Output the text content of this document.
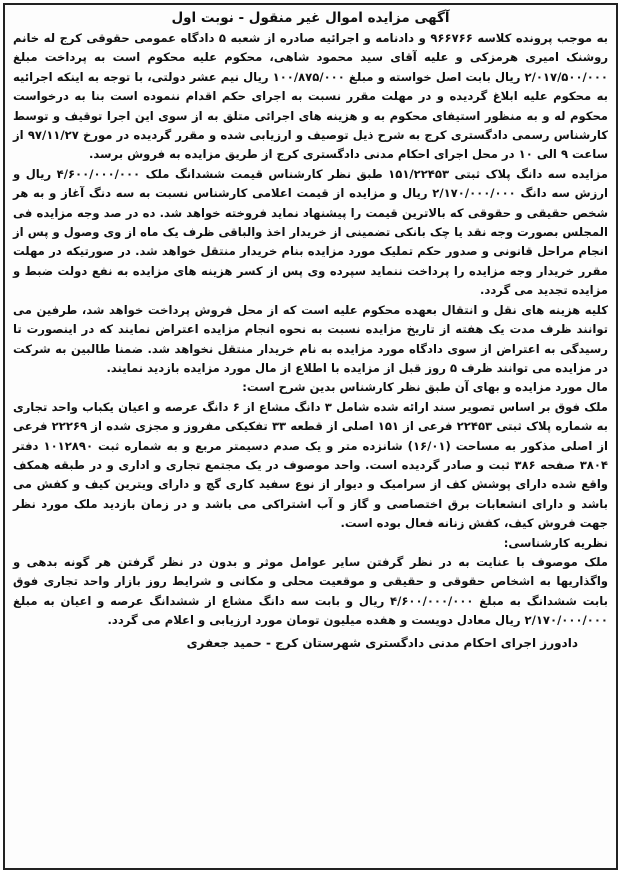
آگهی مزایده اموال غیر منقول - نوبت اول

به موجب پرونده کلاسه ۹۶۶۷۶۶ و دادنامه و اجرائیه صادره از شعبه ۵ دادگاه عمومی حقوقی کرج له خانم روشنک امیری هرمزکی و علیه آقای سید محمود شاهی، محکوم علیه محکوم است به پرداخت مبلغ ۲/۰۱۷/۵۰۰/۰۰۰ ریال بابت اصل خواسته و مبلغ ۱۰۰/۸۷۵/۰۰۰ ریال نیم عشر دولتی، با توجه به اینکه اجرائیه به محکوم علیه ابلاغ گردیده و در مهلت مقرر نسبت به اجرای حکم اقدام ننموده است بنا به درخواست محکوم له و به منظور استیفای محکوم به و هزینه های اجرائی متلق به از سوی این اجرا توقیف و توسط کارشناس رسمی دادگستری کرج به شرح ذیل توصیف و ارزیابی شده و مقرر گردیده در مورخ ۹۷/۱۱/۲۷ از ساعت ۹ الی ۱۰ در محل اجرای احکام مدنی دادگستری کرج از طریق مزایده به فروش برسد.

مزایده سه دانگ پلاک ثبتی ۱۵۱/۲۲۴۵۳ طبق نظر کارشناس قیمت ششدانگ ملک ۴/۶۰۰/۰۰۰/۰۰۰ ریال و ارزش سه دانگ ۲/۱۷۰/۰۰۰/۰۰۰ ریال و مزایده از قیمت اعلامی کارشناس نسبت به سه دنگ آغاز و به هر شخص حقیقی و حقوقی که بالاترین قیمت را پیشنهاد نماید فروخته خواهد شد. ده در صد وجه مزایده فی المجلس بصورت وجه نقد یا چک بانکی تضمینی از خریدار اخذ والباقی ظرف یک ماه از وی وصول و پس از انجام مراحل قانونی و صدور حکم تملیک مورد مزایده بنام خریدار منتقل خواهد شد. در صورتیکه در مهلت مقرر خریدار وجه مزایده را پرداخت ننماید سپرده وی پس از کسر هزینه های مزایده به نفع دولت ضبط و مزایده تجدید می گردد.

کلیه هزینه های نقل و انتقال بعهده محکوم علیه است که از محل فروش پرداخت خواهد شد، طرفین می توانند ظرف مدت یک هفته از تاریخ مزایده نسبت به نحوه انجام مزایده اعتراض نمایند که در اینصورت تا رسیدگی به اعتراض از سوی دادگاه مورد مزایده به نام خریدار منتقل نخواهد شد. ضمنا طالبین به شرکت در مزایده می توانند ظرف ۵ روز قبل از مزایده با اطلاع از مال مورد مزایده بازدید نمایند.

مال مورد مزایده و بهای آن طبق نظر کارشناس بدین شرح است:

ملک فوق بر اساس تصویر سند ارائه شده شامل ۳ دانگ مشاع از ۶ دانگ عرصه و اعیان یکباب واحد تجاری به شماره پلاک ثبتی ۲۲۴۵۳ فرعی از ۱۵۱ اصلی از قطعه ۳۳ تفکیکی مفروز و مجزی شده از ۲۲۲۶۹ فرعی از اصلی مذکور به مساحت (۱۶/۰۱) شانزده متر و یک صدم دسیمتر مربع و به شماره ثبت ۱۰۱۲۸۹۰ دفتر ۳۸۰۴ صفحه ۳۸۶ ثبت و صادر گردیده است. واحد موصوف در یک مجتمع تجاری و اداری و در طبقه همکف واقع شده دارای پوشش کف از سرامیک و دیوار از نوع سفید کاری گچ و دارای ویترین کیف و کفش می باشد و دارای انشعابات برق اختصاصی و گاز و آب اشتراکی می باشد و در زمان بازدید ملک مورد نظر جهت فروش کیف، کفش زنانه فعال بوده است.

نظریه کارشناسی:

ملک موصوف با عنایت به در نظر گرفتن سایر عوامل موثر و بدون در نظر گرفتن هر گونه بدهی و واگذاریها به اشخاص حقوقی و حقیقی و موقعیت محلی و مکانی و شرایط روز بازار واحد تجاری فوق بابت ششدانگ به مبلغ ۴/۶۰۰/۰۰۰/۰۰۰ ریال و بابت سه دانگ مشاع از ششدانگ عرصه و اعیان به مبلغ ۲/۱۷۰/۰۰۰/۰۰۰ ریال معادل دویست و هفده میلیون تومان مورد ارزیابی و اعلام می گردد.

دادورز اجرای احکام مدنی دادگستری شهرستان کرج - حمید جعفری
